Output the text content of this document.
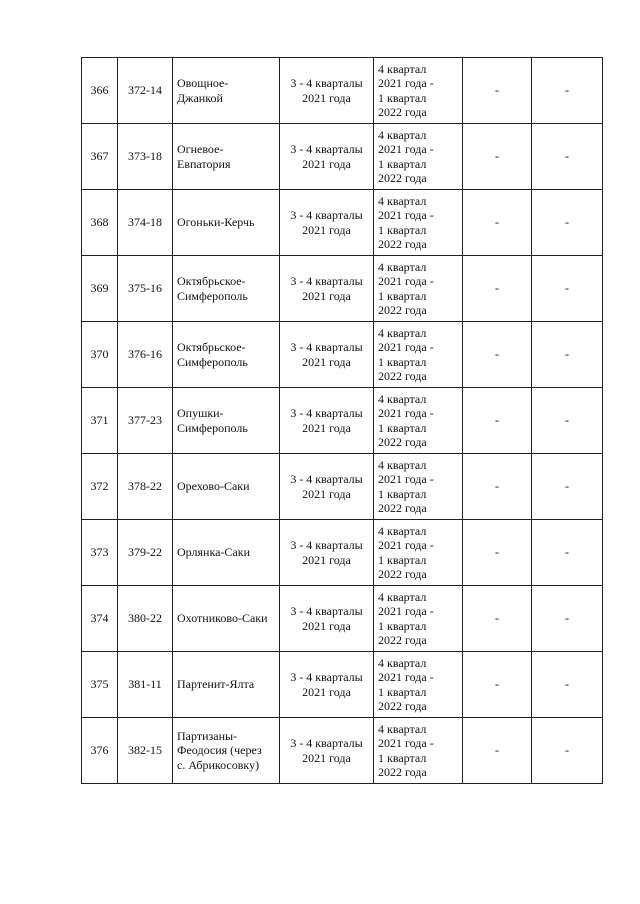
366	372-14	Овощное-
Джанкой	3 - 4 кварталы
2021 года	4 квартал
2021 года -
1 квартал
2022 года	-	-
367	373-18	Огневое-
Евпатория	3 - 4 кварталы
2021 года	4 квартал
2021 года -
1 квартал
2022 года	-	-
368	374-18	Огоньки-Керчь	3 - 4 кварталы
2021 года	4 квартал
2021 года -
1 квартал
2022 года	-	-
369	375-16	Октябрьское-
Симферополь	3 - 4 кварталы
2021 года	4 квартал
2021 года -
1 квартал
2022 года	-	-
370	376-16	Октябрьское-
Симферополь	3 - 4 кварталы
2021 года	4 квартал
2021 года -
1 квартал
2022 года	-	-
371	377-23	Опушки-
Симферополь	3 - 4 кварталы
2021 года	4 квартал
2021 года -
1 квартал
2022 года	-	-
372	378-22	Орехово-Саки	3 - 4 кварталы
2021 года	4 квартал
2021 года -
1 квартал
2022 года	-	-
373	379-22	Орлянка-Саки	3 - 4 кварталы
2021 года	4 квартал
2021 года -
1 квартал
2022 года	-	-
374	380-22	Охотниково-Саки	3 - 4 кварталы
2021 года	4 квартал
2021 года -
1 квартал
2022 года	-	-
375	381-11	Партенит-Ялта	3 - 4 кварталы
2021 года	4 квартал
2021 года -
1 квартал
2022 года	-	-
376	382-15	Партизаны-
Феодосия (через
с. Абрикосовку)	3 - 4 кварталы
2021 года	4 квартал
2021 года -
1 квартал
2022 года	-	-
